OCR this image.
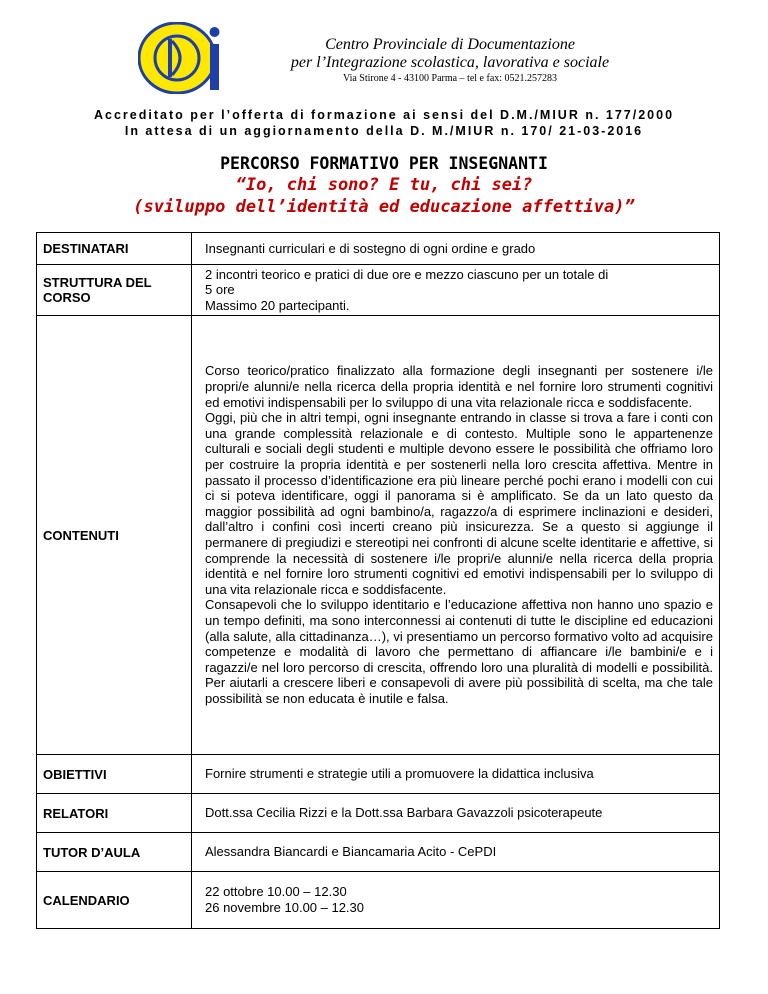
Centro Provinciale di Documentazione
per l’Integrazione scolastica, lavorativa e sociale
Via Stirone 4 - 43100 Parma – tel e fax: 0521.257283
Accreditato per l’offerta di formazione ai sensi del D.M./MIUR n. 177/2000
In attesa di un aggiornamento della D. M./MIUR n. 170/ 21-03-2016
PERCORSO FORMATIVO PER INSEGNANTI
“Io, chi sono? E tu, chi sei?
(sviluppo dell’identità ed educazione affettiva)”
DESTINATARI	Insegnanti curriculari e di sostegno di ogni ordine e grado
STRUTTURA DEL CORSO	2 incontri teorico e pratici di due ore e mezzo ciascuno per un totale di
5 ore
Massimo 20 partecipanti.

CONTENUTI	Corso teorico/pratico finalizzato alla formazione degli insegnanti per sostenere i/le propri/e alunni/e nella ricerca della propria identità e nel fornire loro strumenti cognitivi ed emotivi indispensabili per lo sviluppo di una vita relazionale ricca e soddisfacente.
Oggi, più che in altri tempi, ogni insegnante entrando in classe si trova a fare i conti con una grande complessità relazionale e di contesto. Multiple sono le appartenenze culturali e sociali degli studenti e multiple devono essere le possibilità che offriamo loro per costruire la propria identità e per sostenerli nella loro crescita affettiva. Mentre in passato il processo d’identificazione era più lineare perché pochi erano i modelli con cui ci si poteva identificare, oggi il panorama si è amplificato. Se da un lato questo da maggior possibilità ad ogni bambino/a, ragazzo/a di esprimere inclinazioni e desideri, dall’altro i confini così incerti creano più insicurezza. Se a questo si aggiunge il permanere di pregiudizi e stereotipi nei confronti di alcune scelte identitarie e affettive, si comprende la necessità di sostenere i/le propri/e alunni/e nella ricerca della propria identità e nel fornire loro strumenti cognitivi ed emotivi indispensabili per lo sviluppo di una vita relazionale ricca e soddisfacente.
Consapevoli che lo sviluppo identitario e l’educazione affettiva non hanno uno spazio e un tempo definiti, ma sono interconnessi ai contenuti di tutte le discipline ed educazioni (alla salute, alla cittadinanza…), vi presentiamo un percorso formativo volto ad acquisire competenze e modalità di lavoro che permettano di affiancare i/le bambini/e e i ragazzi/e nel loro percorso di crescita, offrendo loro una pluralità di modelli e possibilità. Per aiutarli a crescere liberi e consapevoli di avere più possibilità di scelta, ma che tale possibilità se non educata è inutile e falsa.

OBIETTIVI	Fornire strumenti e strategie utili a promuovere la didattica inclusiva
RELATORI	Dott.ssa Cecilia Rizzi e la Dott.ssa Barbara Gavazzoli psicoterapeute
TUTOR D’AULA	Alessandra Biancardi e Biancamaria Acito - CePDI
CALENDARIO	22 ottobre 10.00 – 12.30
26 novembre 10.00 – 12.30
